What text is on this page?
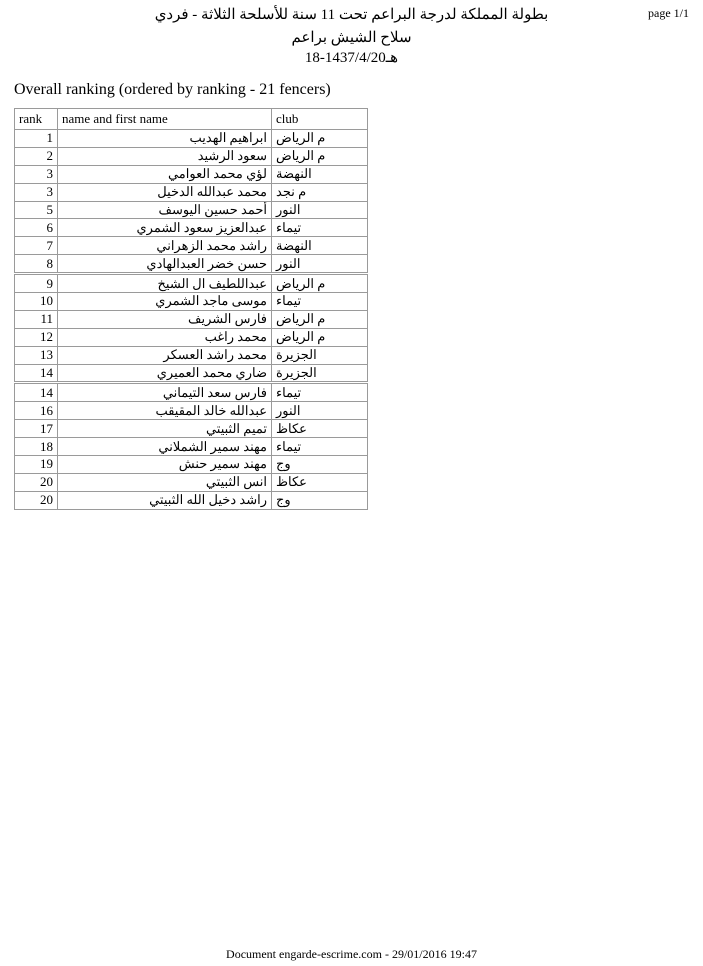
page 1/1
بطولة المملكة لدرجة البراعم تحت 11 سنة للأسلحة الثلاثة - فردي
سلاح الشيش براعم
18-1437/4/20هـ
Overall ranking (ordered by ranking - 21 fencers)
rank	name and first name	club
1	ابراهيم الهديب	م الرياض
2	سعود الرشيد	م الرياض
3	لؤي محمد العوامي	النهضة
3	محمد عبدالله الدخيل	م نجد
5	أحمد حسين اليوسف	النور
6	عبدالعزيز سعود الشمري	تيماء
7	راشد محمد الزهراني	النهضة
8	حسن خضر العبدالهادي	النور
9	عبداللطيف ال الشيخ	م الرياض
10	موسى ماجد الشمري	تيماء
11	فارس الشريف	م الرياض
12	محمد راغب	م الرياض
13	محمد راشد العسكر	الجزيرة
14	ضاري محمد العميري	الجزيرة
14	فارس سعد التيماني	تيماء
16	عبدالله خالد المقيقب	النور
17	تميم الثبيتي	عكاظ
18	مهند سمير الشملاني	تيماء
19	مهند سمير حنش	وج
20	انس الثبيتي	عكاظ
20	راشد دخيل الله الثبيتي	وج
Document engarde-escrime.com - 29/01/2016 19:47
